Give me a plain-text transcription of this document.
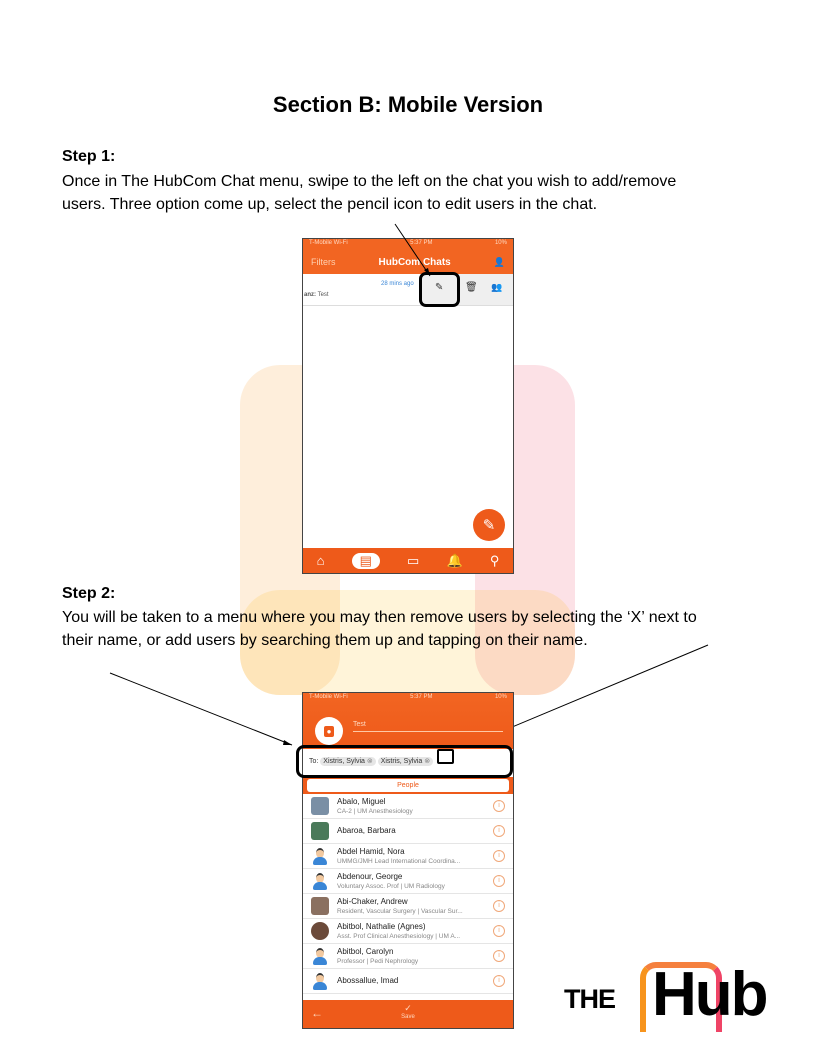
Section B: Mobile Version
Step 1:
Once in The HubCom Chat menu, swipe to the left on the chat you wish to add/remove
users. Three option come up, select the pencil icon to edit users in the chat.
T-Mobile Wi-Fi	5:37 PM	10%
Filters	HubCom Chats	👤
28 mins ago
anz: Test
✎ 🗑 👥
✎
⌂	▤	▭ 🔔 ⚲
Step 2:
You will be taken to a menu where you may then remove users by selecting the ‘X’ next to
their name, or add users by searching them up and tapping on their name.
T-Mobile Wi-Fi	5:37 PM	10%
●
Test
To: Xistris, Sylvia ⊗ Xistris, Sylvia ⊗
People
Abalo, Miguel
CA-2 | UM Anesthesiology
i
Abaroa, Barbara	i
Abdel Hamid, Nora
UMMG/JMH Lead International Coordina...
i
Abdenour, George
Voluntary Assoc. Prof | UM Radiology
i
Abi-Chaker, Andrew
Resident, Vascular Surgery | Vascular Sur...
i
Abitbol, Nathalie (Agnes)
Asst. Prof Clinical Anesthesiology | UM A...
i
Abitbol, Carolyn
Professor | Pedi Nephrology
i
Abossallue, Imad	i
←	✓
Save
THE Hub
